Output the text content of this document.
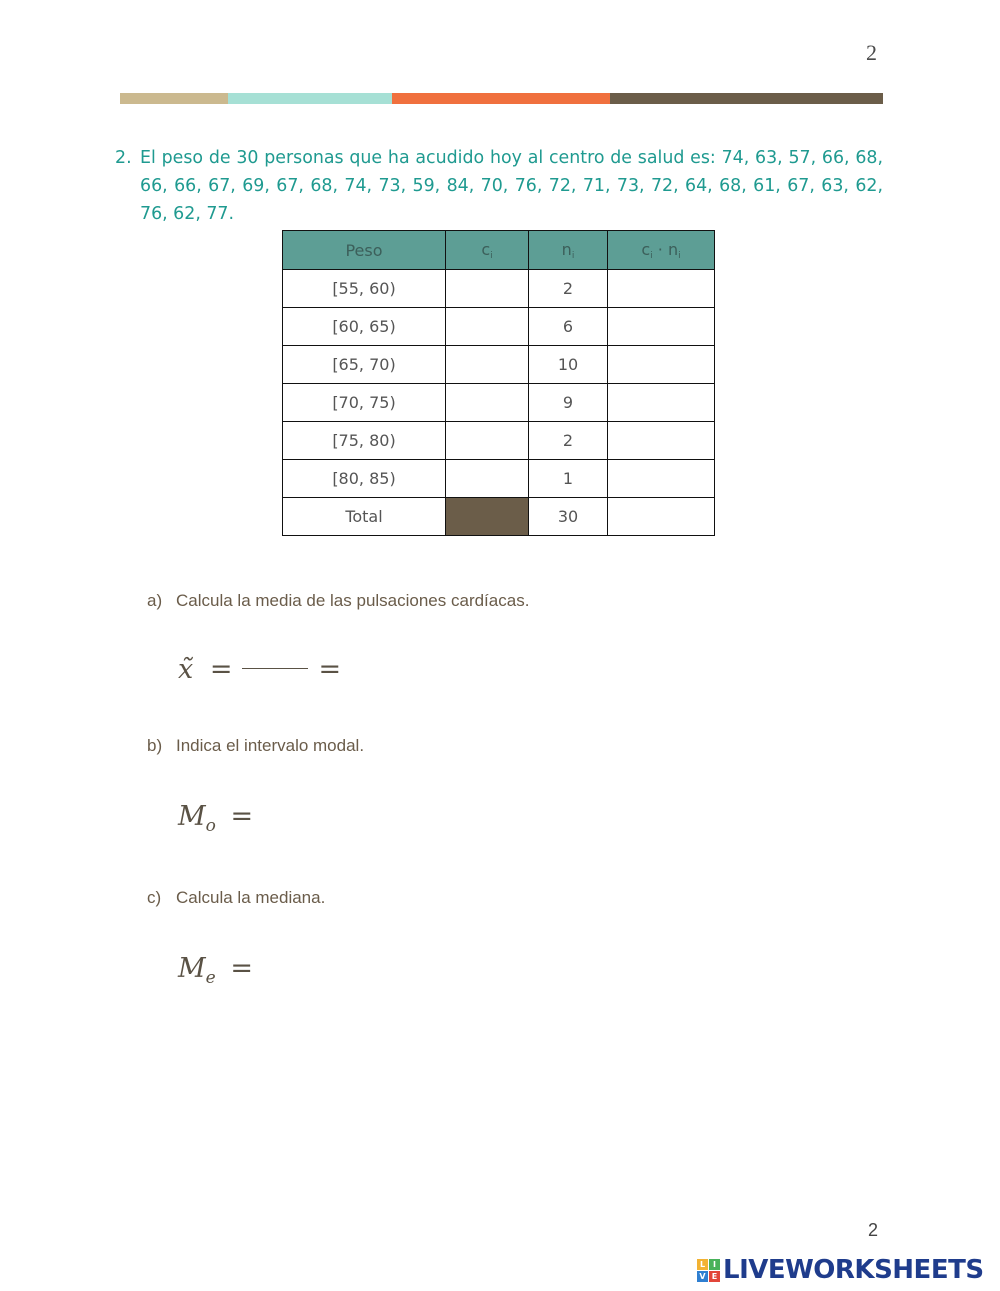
2
2. El peso de 30 personas que ha acudido hoy al centro de salud es: 74, 63, 57, 66, 68, 66, 66, 67, 69, 67, 68, 74, 73, 59, 84, 70, 76, 72, 71, 73, 72, 64, 68, 61, 67, 63, 62, 76, 62, 77.
Peso	$c_i$	$n_i$	$c_i \cdot n_i$
[55, 60)		2	
[60, 65)		6	
[65, 70)		10	
[70, 75)		9	
[75, 80)		2	
[80, 85)		1	
Total		30	
a) Calcula la media de las pulsaciones cardíacas.
x̃ =	=
b) Indica el intervalo modal.
$M_o$ =
c) Calcula la mediana.
$M_e$ =
2
L I
V E LIVEWORKSHEETS
